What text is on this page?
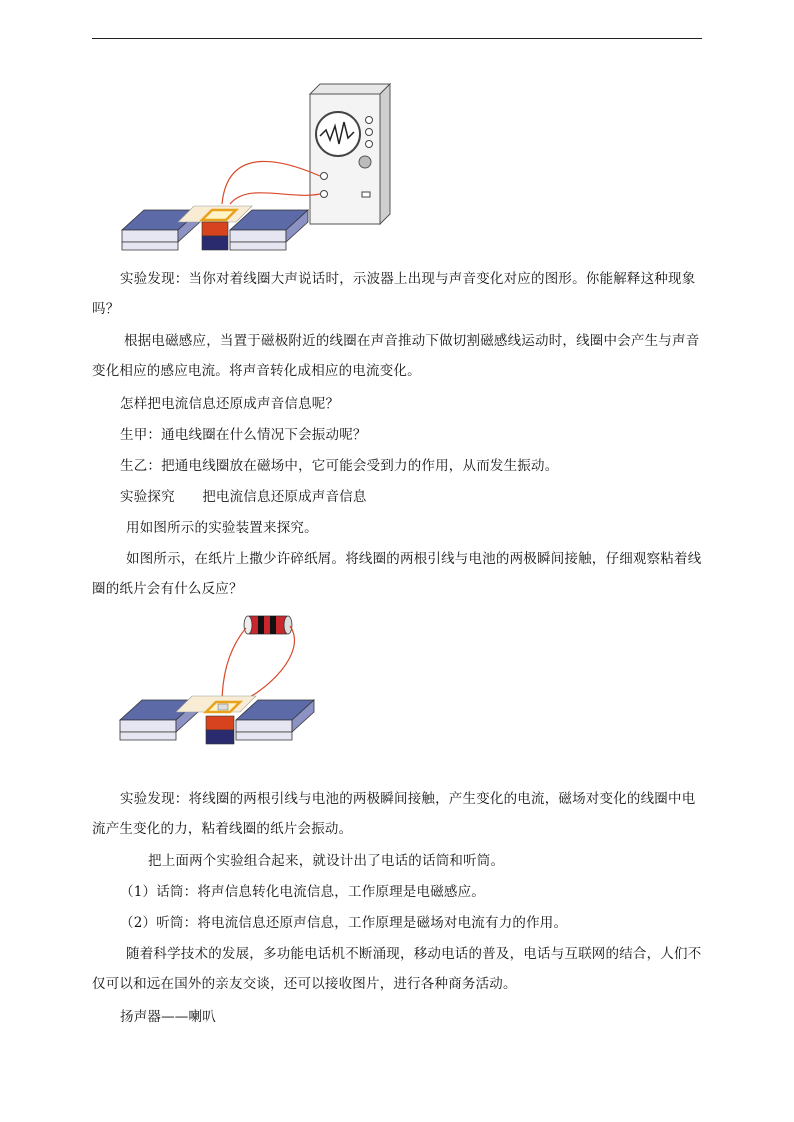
实验发现：当你对着线圈大声说话时，示波器上出现与声音变化对应的图形。你能解释这种现象吗？

根据电磁感应，当置于磁极附近的线圈在声音推动下做切割磁感线运动时，线圈中会产生与声音变化相应的感应电流。将声音转化成相应的电流变化。

怎样把电流信息还原成声音信息呢？

生甲：通电线圈在什么情况下会振动呢？

生乙：把通电线圈放在磁场中，它可能会受到力的作用，从而发生振动。

实验探究　　把电流信息还原成声音信息

用如图所示的实验装置来探究。

如图所示，在纸片上撒少许碎纸屑。将线圈的两根引线与电池的两极瞬间接触，仔细观察粘着线圈的纸片会有什么反应？

实验发现：将线圈的两根引线与电池的两极瞬间接触，产生变化的电流，磁场对变化的线圈中电流产生变化的力，粘着线圈的纸片会振动。

把上面两个实验组合起来，就设计出了电话的话筒和听筒。

（1）话筒：将声信息转化电流信息，工作原理是电磁感应。

（2）听筒：将电流信息还原声信息，工作原理是磁场对电流有力的作用。

随着科学技术的发展，多功能电话机不断涌现，移动电话的普及，电话与互联网的结合，人们不仅可以和远在国外的亲友交谈，还可以接收图片，进行各种商务活动。

扬声器——喇叭
